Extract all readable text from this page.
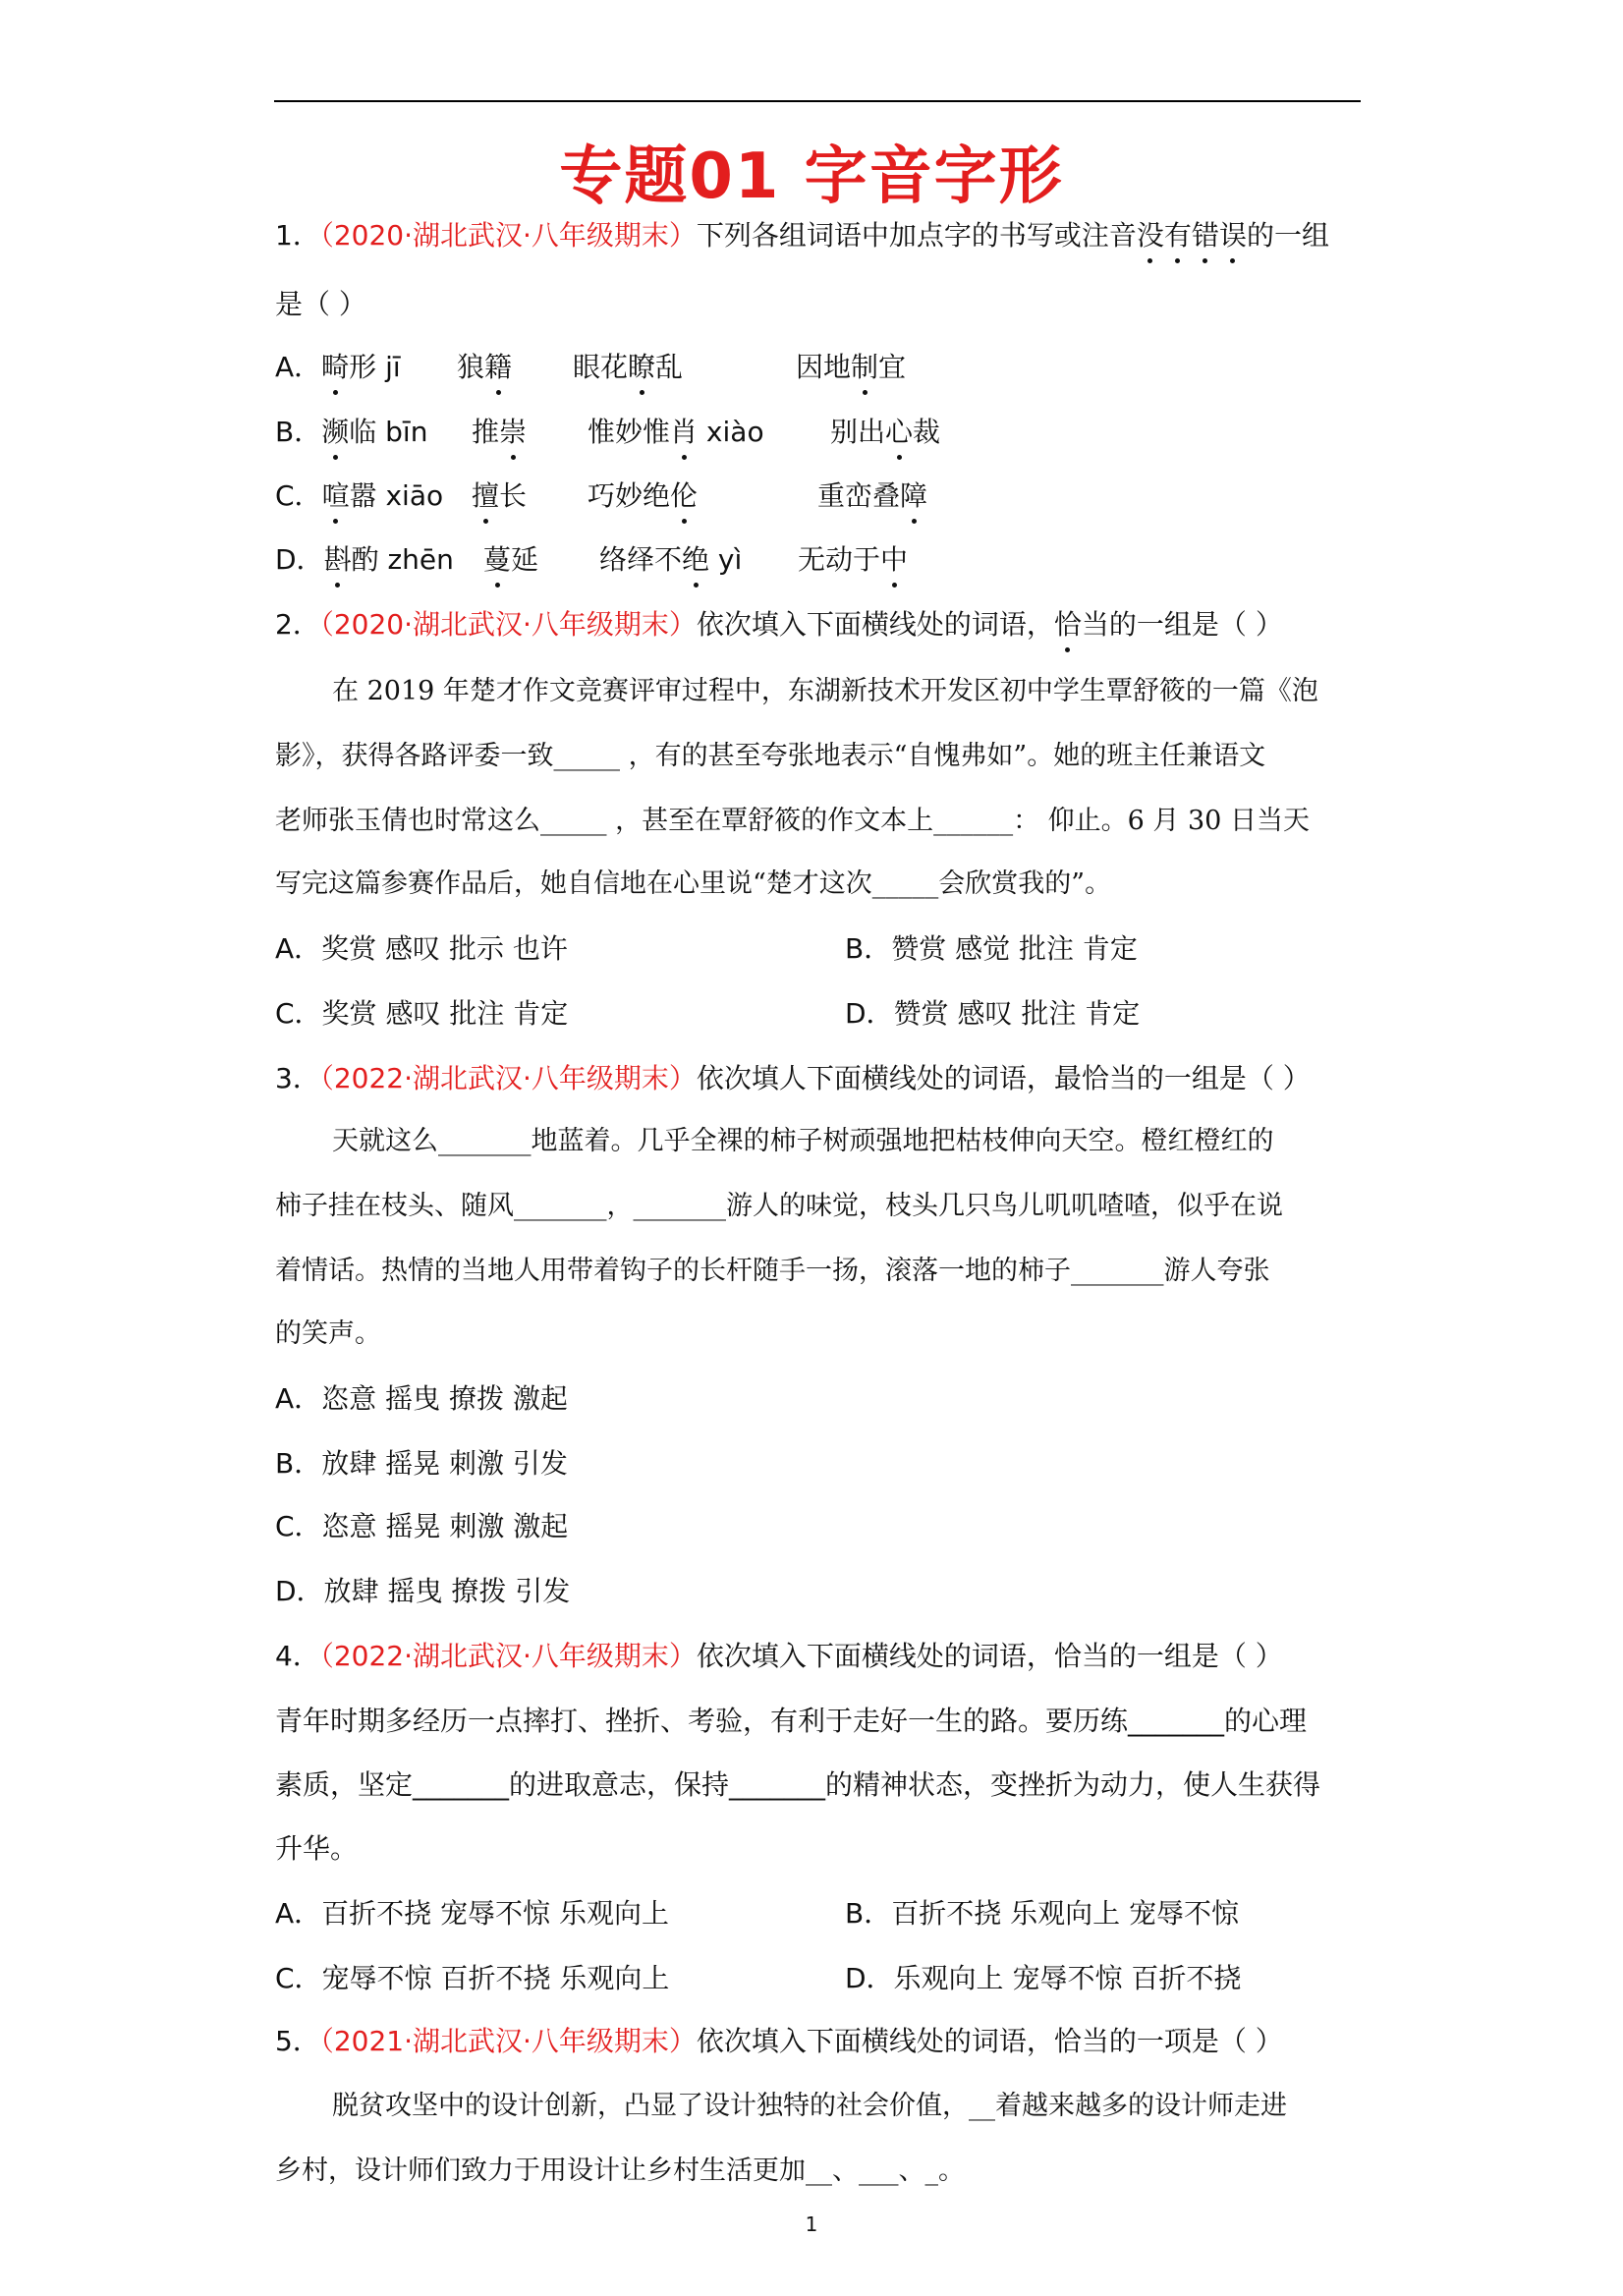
专题01 字音字形
1．（2020·湖北武汉·八年级期末）下列各组词语中加点字的书写或注音没有错误的一组
是（ ）
A．畸形 jī 狼籍 眼花瞭乱	因地制宜
B．濒临 bīn 推崇 惟妙惟肖 xiào 别出心裁
C．喧嚣 xiāo 擅长 巧妙绝伦	重峦叠障
D．斟酌 zhēn 蔓延 络绎不绝 yì 无动于中
2．（2020·湖北武汉·八年级期末）依次填入下面横线处的词语，恰当的一组是（ ）
在 2019 年楚才作文竞赛评审过程中，东湖新技术开发区初中学生覃舒筱的一篇《泡
影》，获得各路评委一致_____ ，有的甚至夸张地表示“自愧弗如”。她的班主任兼语文
老师张玉倩也时常这么_____ ，甚至在覃舒筱的作文本上______： 仰止。6 月 30 日当天
写完这篇参赛作品后，她自信地在心里说“楚才这次_____会欣赏我的”。
A．奖赏 感叹 批示 也许	B．赞赏 感觉 批注 肯定
C．奖赏 感叹 批注 肯定	D．赞赏 感叹 批注 肯定
3．（2022·湖北武汉·八年级期末）依次填人下面横线处的词语，最恰当的一组是（ ）
天就这么_______地蓝着。几乎全裸的柿子树顽强地把枯枝伸向天空。橙红橙红的
柿子挂在枝头、随风_______，_______游人的味觉，枝头几只鸟儿叽叽喳喳，似乎在说
着情话。热情的当地人用带着钩子的长杆随手一扬，滚落一地的柿子_______游人夸张
的笑声。
A．恣意 摇曳 撩拨 激起
B．放肆 摇晃 刺激 引发
C．恣意 摇晃 刺激 激起
D．放肆 摇曳 撩拨 引发
4．（2022·湖北武汉·八年级期末）依次填入下面横线处的词语，恰当的一组是（ ）
青年时期多经历一点摔打、挫折、考验，有利于走好一生的路。要历练_______的心理
素质，坚定_______的进取意志，保持_______的精神状态，变挫折为动力，使人生获得
升华。
A．百折不挠 宠辱不惊 乐观向上	B．百折不挠 乐观向上 宠辱不惊
C．宠辱不惊 百折不挠 乐观向上	D．乐观向上 宠辱不惊 百折不挠
5．（2021·湖北武汉·八年级期末）依次填入下面横线处的词语，恰当的一项是（ ）
脱贫攻坚中的设计创新，凸显了设计独特的社会价值，__着越来越多的设计师走进
乡村，设计师们致力于用设计让乡村生活更加__、___、_。
1
